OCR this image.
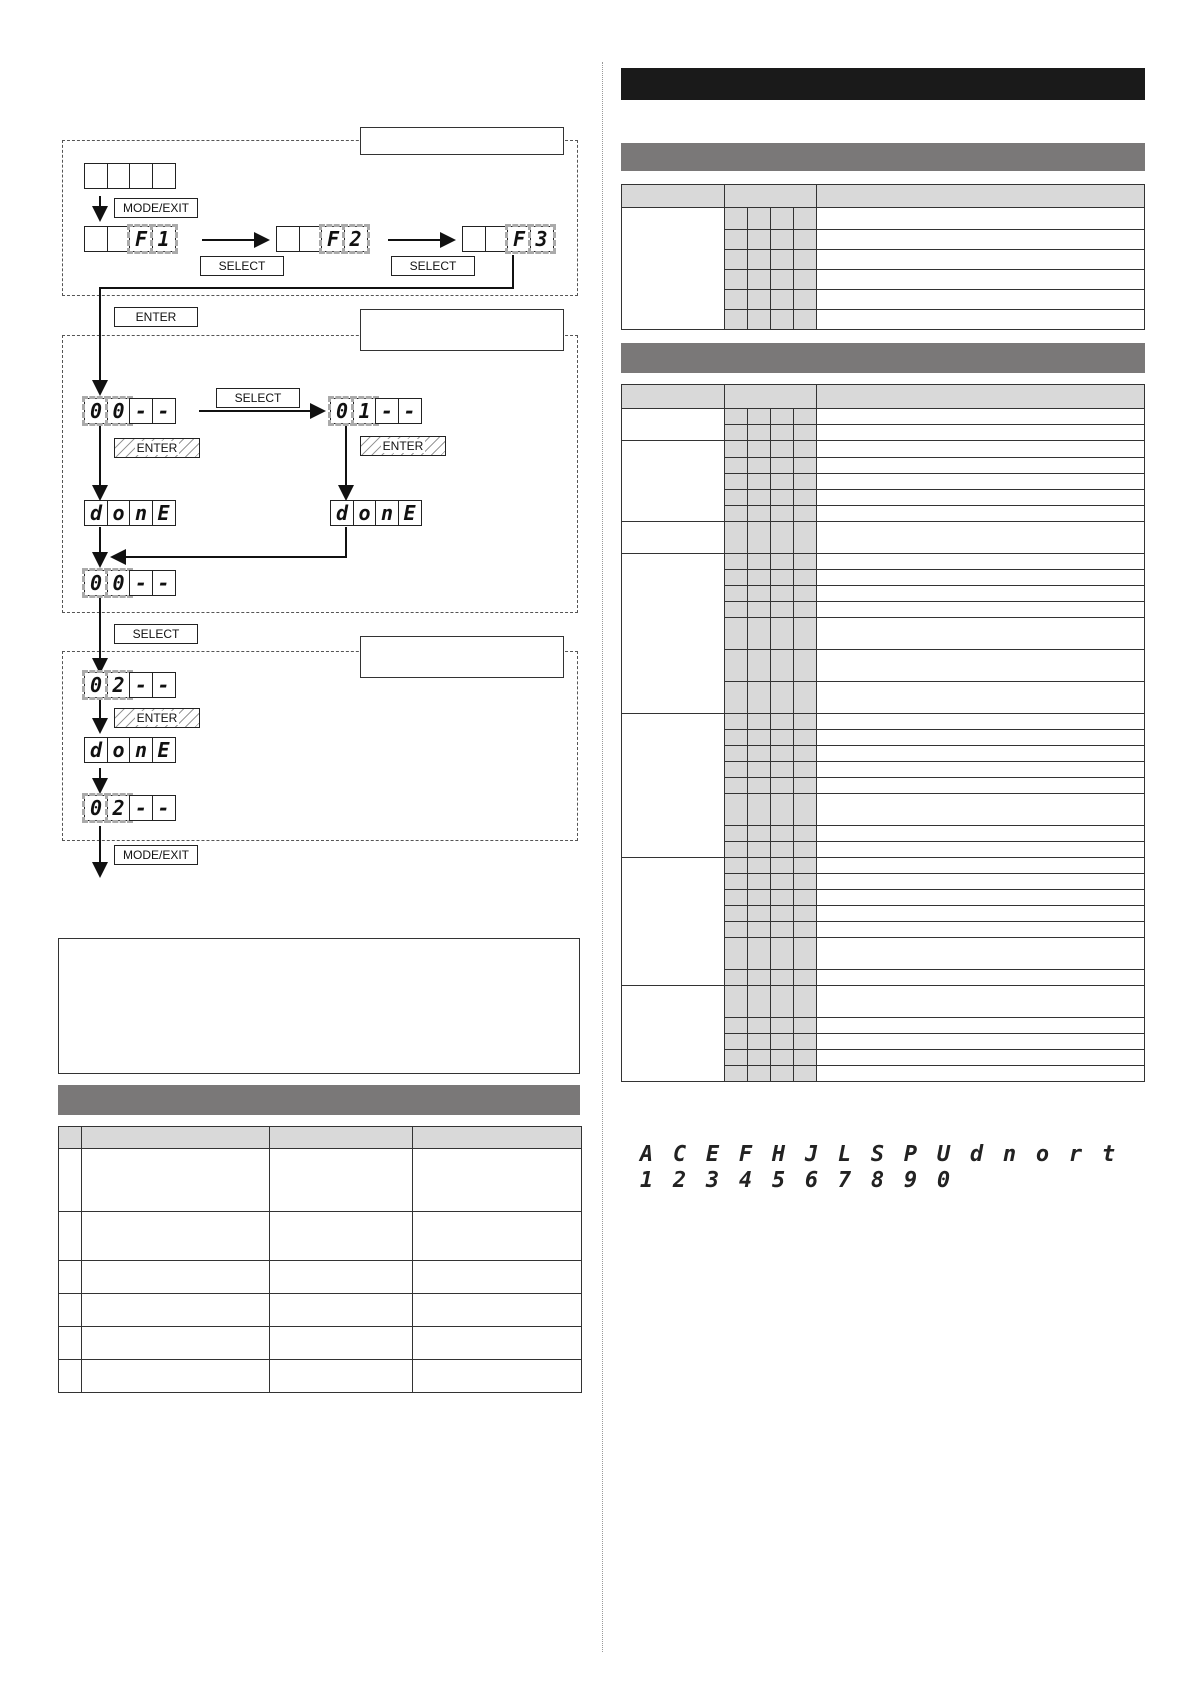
MODE/EXIT
F 1
SELECT
F 2
SELECT
F 3
ENTER
0 0 - -
SELECT
0 1 - -
ENTER	ENTER
d o n E	d o n E
0 0 - -
SELECT
0 2 - -
ENTER
d o n E
0 2 - -
MODE/EXIT

A C E F H J L S P U d n o r t
1 2 3 4 5 6 7 8 9 0
